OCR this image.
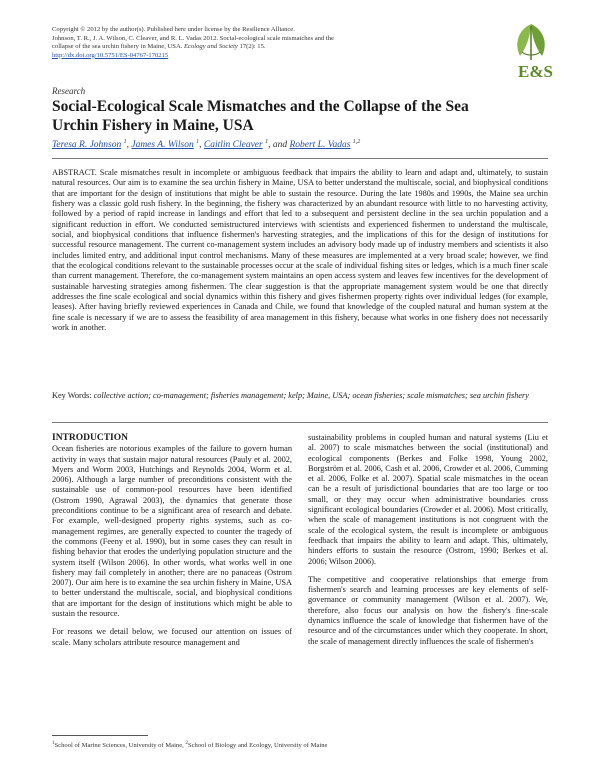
Copyright © 2012 by the author(s). Published here under license by the Resilience Alliance.
Johnson, T. R., J. A. Wilson, C. Cleaver, and R. L. Vadas 2012. Social-ecological scale mismatches and the
collapse of the sea urchin fishery in Maine, USA. Ecology and Society 17(2): 15.
http://dx.doi.org/10.5751/ES-04767-170215
E&S
Research
Social-Ecological Scale Mismatches and the Collapse of the Sea Urchin Fishery in Maine, USA
Teresa R. Johnson $^1$, James A. Wilson $^1$, Caitlin Cleaver $^1$, and Robert L. Vadas $^{1,2}$
ABSTRACT. Scale mismatches result in incomplete or ambiguous feedback that impairs the ability to learn and adapt and, ultimately, to sustain natural resources. Our aim is to examine the sea urchin fishery in Maine, USA to better understand the multiscale, social, and biophysical conditions that are important for the design of institutions that might be able to sustain the resource. During the late 1980s and 1990s, the Maine sea urchin fishery was a classic gold rush fishery. In the beginning, the fishery was characterized by an abundant resource with little to no harvesting activity, followed by a period of rapid increase in landings and effort that led to a subsequent and persistent decline in the sea urchin population and a significant reduction in effort. We conducted semistructured interviews with scientists and experienced fishermen to understand the multiscale, social, and biophysical conditions that influence fishermen's harvesting strategies, and the implications of this for the design of institutions for successful resource management. The current co-management system includes an advisory body made up of industry members and scientists it also includes limited entry, and additional input control mechanisms. Many of these measures are implemented at a very broad scale; however, we find that the ecological conditions relevant to the sustainable processes occur at the scale of individual fishing sites or ledges, which is a much finer scale than current management. Therefore, the co-management system maintains an open access system and leaves few incentives for the development of sustainable harvesting strategies among fishermen. The clear suggestion is that the appropriate management system would be one that directly addresses the fine scale ecological and social dynamics within this fishery and gives fishermen property rights over individual ledges (for example, leases). After having briefly reviewed experiences in Canada and Chile, we found that knowledge of the coupled natural and human system at the fine scale is necessary if we are to assess the feasibility of area management in this fishery, because what works in one fishery does not necessarily work in another.
Key Words: collective action; co-management; fisheries management; kelp; Maine, USA; ocean fisheries; scale mismatches; sea urchin fishery
INTRODUCTION

Ocean fisheries are notorious examples of the failure to govern human activity in ways that sustain major natural resources (Pauly et al. 2002, Myers and Worm 2003, Hutchings and Reynolds 2004, Worm et al. 2006). Although a large number of preconditions consistent with the sustainable use of common-pool resources have been identified (Ostrom 1990, Agrawal 2003), the dynamics that generate those preconditions continue to be a significant area of research and debate. For example, well-designed property rights systems, such as co-management regimes, are generally expected to counter the tragedy of the commons (Feeny et al. 1990), but in some cases they can result in fishing behavior that erodes the underlying population structure and the system itself (Wilson 2006). In other words, what works well in one fishery may fail completely in another; there are no panaceas (Ostrom 2007). Our aim here is to examine the sea urchin fishery in Maine, USA to better understand the multiscale, social, and biophysical conditions that are important for the design of institutions which might be able to sustain the resource.

For reasons we detail below, we focused our attention on issues of scale. Many scholars attribute resource management and

sustainability problems in coupled human and natural systems (Liu et al. 2007) to scale mismatches between the social (institutional) and ecological components (Berkes and Folke 1998, Young 2002, Borgström et al. 2006, Cash et al. 2006, Crowder et al. 2006, Cumming et al. 2006, Folke et al. 2007). Spatial scale mismatches in the ocean can be a result of jurisdictional boundaries that are too large or too small, or they may occur when administrative boundaries cross significant ecological boundaries (Crowder et al. 2006). Most critically, when the scale of management institutions is not congruent with the scale of the ecological system, the result is incomplete or ambiguous feedback that impairs the ability to learn and adapt. This, ultimately, hinders efforts to sustain the resource (Ostrom, 1990; Berkes et al. 2006; Wilson 2006).

The competitive and cooperative relationships that emerge from fishermen's search and learning processes are key elements of self-governance or community management (Wilson et al. 2007). We, therefore, also focus our analysis on how the fishery's fine-scale dynamics influence the scale of knowledge that fishermen have of the resource and of the circumstances under which they cooperate. In short, the scale of management directly influences the scale of fishermen's

$^1$School of Marine Sciences, University of Maine, $^2$School of Biology and Ecology, University of Maine
